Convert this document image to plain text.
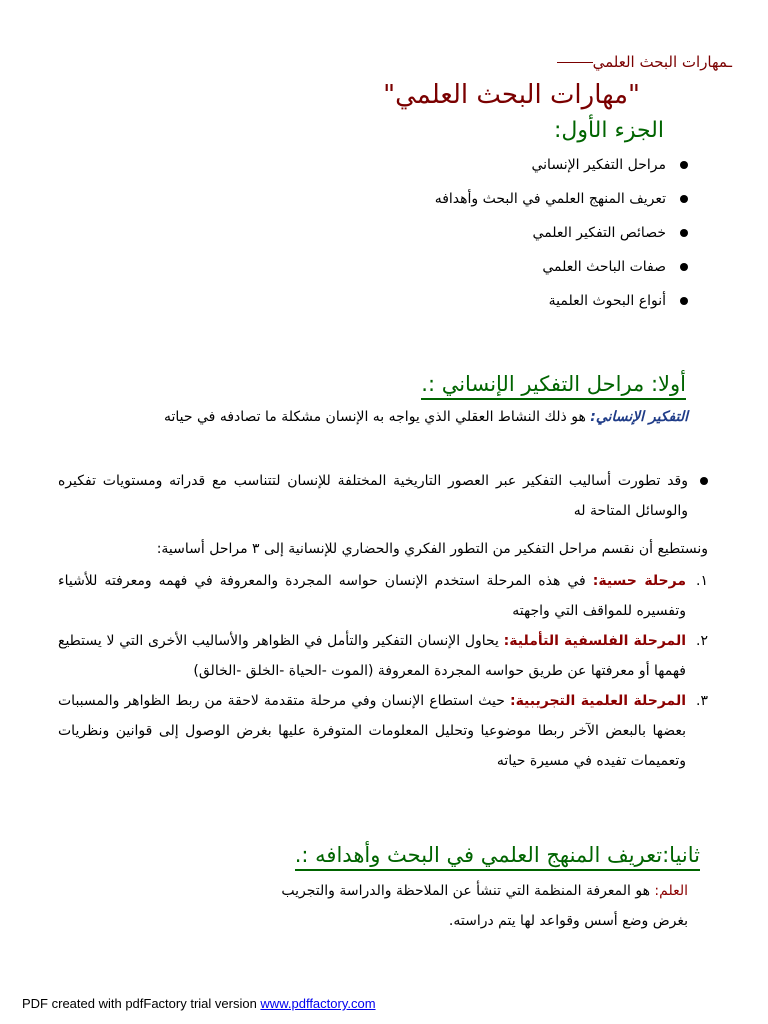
ـمهارات البحث العلمي
"مهارات البحث العلمي"
الجزء الأول:
مراحل التفكير الإنساني
تعريف المنهج العلمي في البحث وأهدافه
خصائص التفكير العلمي
صفات الباحث العلمي
أنواع البحوث العلمية
أولا: مراحل التفكير الإنساني :.
التفكير الإنساني: هو ذلك النشاط العقلي الذي يواجه به الإنسان مشكلة ما تصادفه في حياته
وقد تطورت أساليب التفكير عبر العصور التاريخية المختلفة للإنسان لتتناسب مع قدراته ومستويات تفكيره والوسائل المتاحة له
ونستطيع أن نقسم مراحل التفكير من التطور الفكري والحضاري للإنسانية إلى ٣ مراحل أساسية:
١.
مرحلة حسية: في هذه المرحلة استخدم الإنسان حواسه المجردة والمعروفة في فهمه ومعرفته للأشياء وتفسيره للمواقف التي واجهته
٢.
المرحلة الفلسفية التأملية: يحاول الإنسان التفكير والتأمل في الظواهر والأساليب الأخرى التي لا يستطيع فهمها أو معرفتها عن طريق حواسه المجردة المعروفة (الموت -الحياة -الخلق -الخالق)
٣.
المرحلة العلمية التجريبية: حيث استطاع الإنسان وفي مرحلة متقدمة لاحقة من ربط الظواهر والمسببات بعضها بالبعض الآخر ربطا موضوعيا وتحليل المعلومات المتوفرة عليها بغرض الوصول إلى قوانين ونظريات وتعميمات تفيده في مسيرة حياته
ثانيا:تعريف المنهج العلمي في البحث وأهدافه :.
العلم: هو المعرفة المنظمة التي تنشأ عن الملاحظة والدراسة والتجريب
بغرض وضع أسس وقواعد لها يتم دراسته.
PDF created with pdfFactory trial version www.pdffactory.com
